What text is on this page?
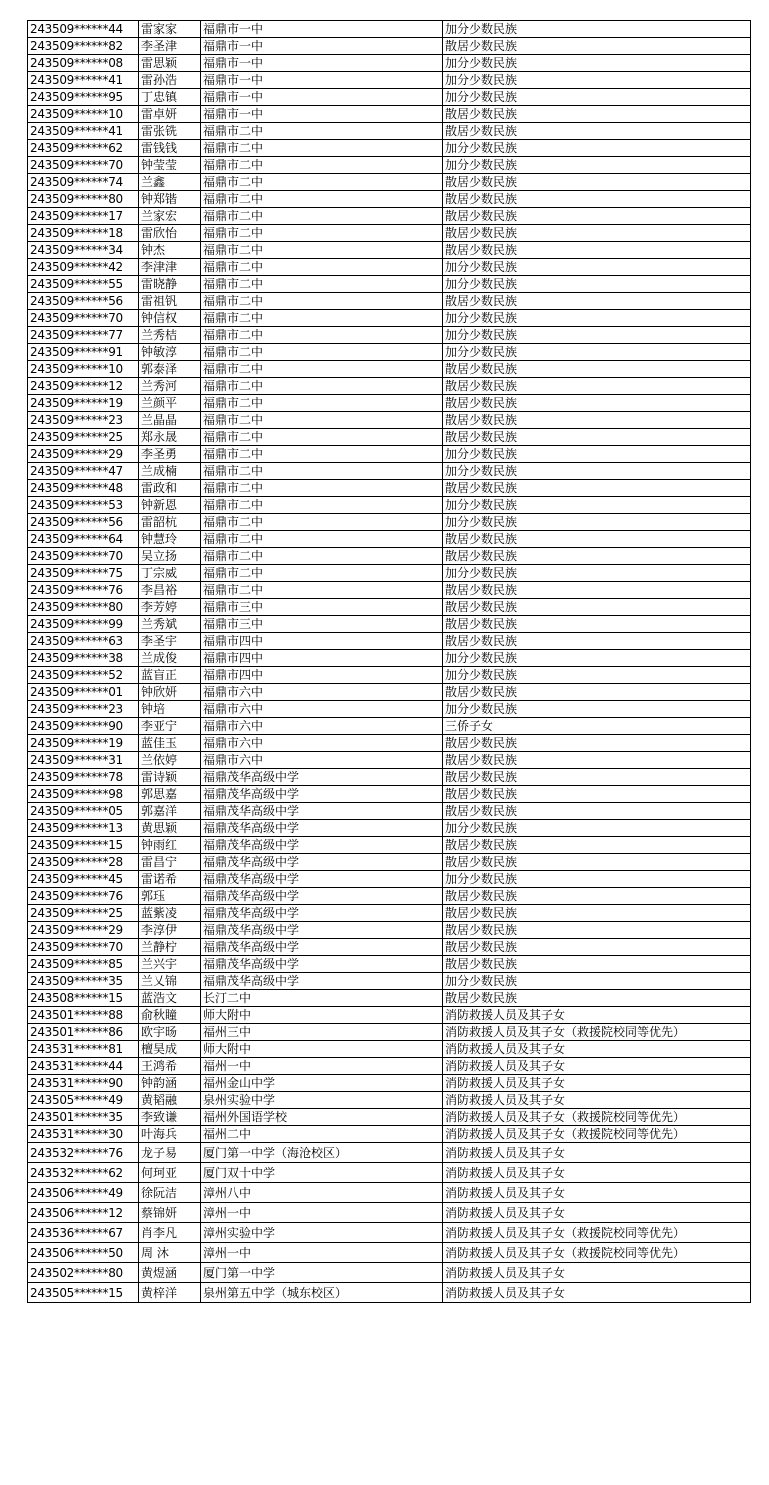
243509******44	雷家家	福鼎市一中	加分少数民族
243509******82	李圣津	福鼎市一中	散居少数民族
243509******08	雷思颖	福鼎市一中	加分少数民族
243509******41	雷孙浩	福鼎市一中	加分少数民族
243509******95	丁忠镇	福鼎市一中	加分少数民族
243509******10	雷卓妍	福鼎市一中	散居少数民族
243509******41	雷张铣	福鼎市二中	散居少数民族
243509******62	雷钱钱	福鼎市二中	加分少数民族
243509******70	钟莹莹	福鼎市二中	加分少数民族
243509******74	兰鑫	福鼎市二中	散居少数民族
243509******80	钟郑锴	福鼎市二中	散居少数民族
243509******17	兰家宏	福鼎市二中	散居少数民族
243509******18	雷欣怡	福鼎市二中	散居少数民族
243509******34	钟杰	福鼎市二中	散居少数民族
243509******42	李津津	福鼎市二中	加分少数民族
243509******55	雷晓静	福鼎市二中	加分少数民族
243509******56	雷祖钒	福鼎市二中	散居少数民族
243509******70	钟信权	福鼎市二中	加分少数民族
243509******77	兰秀桔	福鼎市二中	加分少数民族
243509******91	钟敏淳	福鼎市二中	加分少数民族
243509******10	郭泰泽	福鼎市二中	散居少数民族
243509******12	兰秀河	福鼎市二中	散居少数民族
243509******19	兰颜平	福鼎市二中	散居少数民族
243509******23	兰晶晶	福鼎市二中	散居少数民族
243509******25	郑永晟	福鼎市二中	散居少数民族
243509******29	李圣勇	福鼎市二中	加分少数民族
243509******47	兰成楠	福鼎市二中	加分少数民族
243509******48	雷政和	福鼎市二中	散居少数民族
243509******53	钟新恩	福鼎市二中	加分少数民族
243509******56	雷韶杭	福鼎市二中	加分少数民族
243509******64	钟慧玲	福鼎市二中	散居少数民族
243509******70	吴立扬	福鼎市二中	散居少数民族
243509******75	丁宗威	福鼎市二中	加分少数民族
243509******76	李昌裕	福鼎市二中	散居少数民族
243509******80	李芳婷	福鼎市三中	散居少数民族
243509******99	兰秀斌	福鼎市三中	散居少数民族
243509******63	李圣宇	福鼎市四中	散居少数民族
243509******38	兰成俊	福鼎市四中	加分少数民族
243509******52	蓝盲正	福鼎市四中	加分少数民族
243509******01	钟欣妍	福鼎市六中	散居少数民族
243509******23	钟培	福鼎市六中	加分少数民族
243509******90	李亚宁	福鼎市六中	三侨子女
243509******19	蓝佳玉	福鼎市六中	散居少数民族
243509******31	兰依婷	福鼎市六中	散居少数民族
243509******78	雷诗颖	福鼎茂华高级中学	散居少数民族
243509******98	郭思嘉	福鼎茂华高级中学	散居少数民族
243509******05	郭嘉洋	福鼎茂华高级中学	散居少数民族
243509******13	黄思颖	福鼎茂华高级中学	加分少数民族
243509******15	钟雨红	福鼎茂华高级中学	散居少数民族
243509******28	雷昌宁	福鼎茂华高级中学	散居少数民族
243509******45	雷诺希	福鼎茂华高级中学	加分少数民族
243509******76	郭珏	福鼎茂华高级中学	散居少数民族
243509******25	蓝紫凌	福鼎茂华高级中学	散居少数民族
243509******29	李淳伊	福鼎茂华高级中学	散居少数民族
243509******70	兰静柠	福鼎茂华高级中学	散居少数民族
243509******85	兰兴宇	福鼎茂华高级中学	散居少数民族
243509******35	兰乂锦	福鼎茂华高级中学	加分少数民族
243508******15	蓝浩文	长汀二中	散居少数民族
243501******88	俞秋瞳	师大附中	消防救援人员及其子女
243501******86	欧宇旸	福州三中	消防救援人员及其子女（救援院校同等优先）
243531******81	檀昊成	师大附中	消防救援人员及其子女
243531******44	王鸿希	福州一中	消防救援人员及其子女
243531******90	钟韵涵	福州金山中学	消防救援人员及其子女
243505******49	黄韬融	泉州实验中学	消防救援人员及其子女
243501******35	李致谦	福州外国语学校	消防救援人员及其子女（救援院校同等优先）
243531******30	叶海兵	福州二中	消防救援人员及其子女（救援院校同等优先）
243532******76	龙子易	厦门第一中学（海沧校区）	消防救援人员及其子女
243532******62	何珂亚	厦门双十中学	消防救援人员及其子女
243506******49	徐阮洁	漳州八中	消防救援人员及其子女
243506******12	蔡锦妍	漳州一中	消防救援人员及其子女
243536******67	肖李凡	漳州实验中学	消防救援人员及其子女（救援院校同等优先）
243506******50	周 沐	漳州一中	消防救援人员及其子女（救援院校同等优先）
243502******80	黄煜涵	厦门第一中学	消防救援人员及其子女
243505******15	黄梓洋	泉州第五中学（城东校区）	消防救援人员及其子女
